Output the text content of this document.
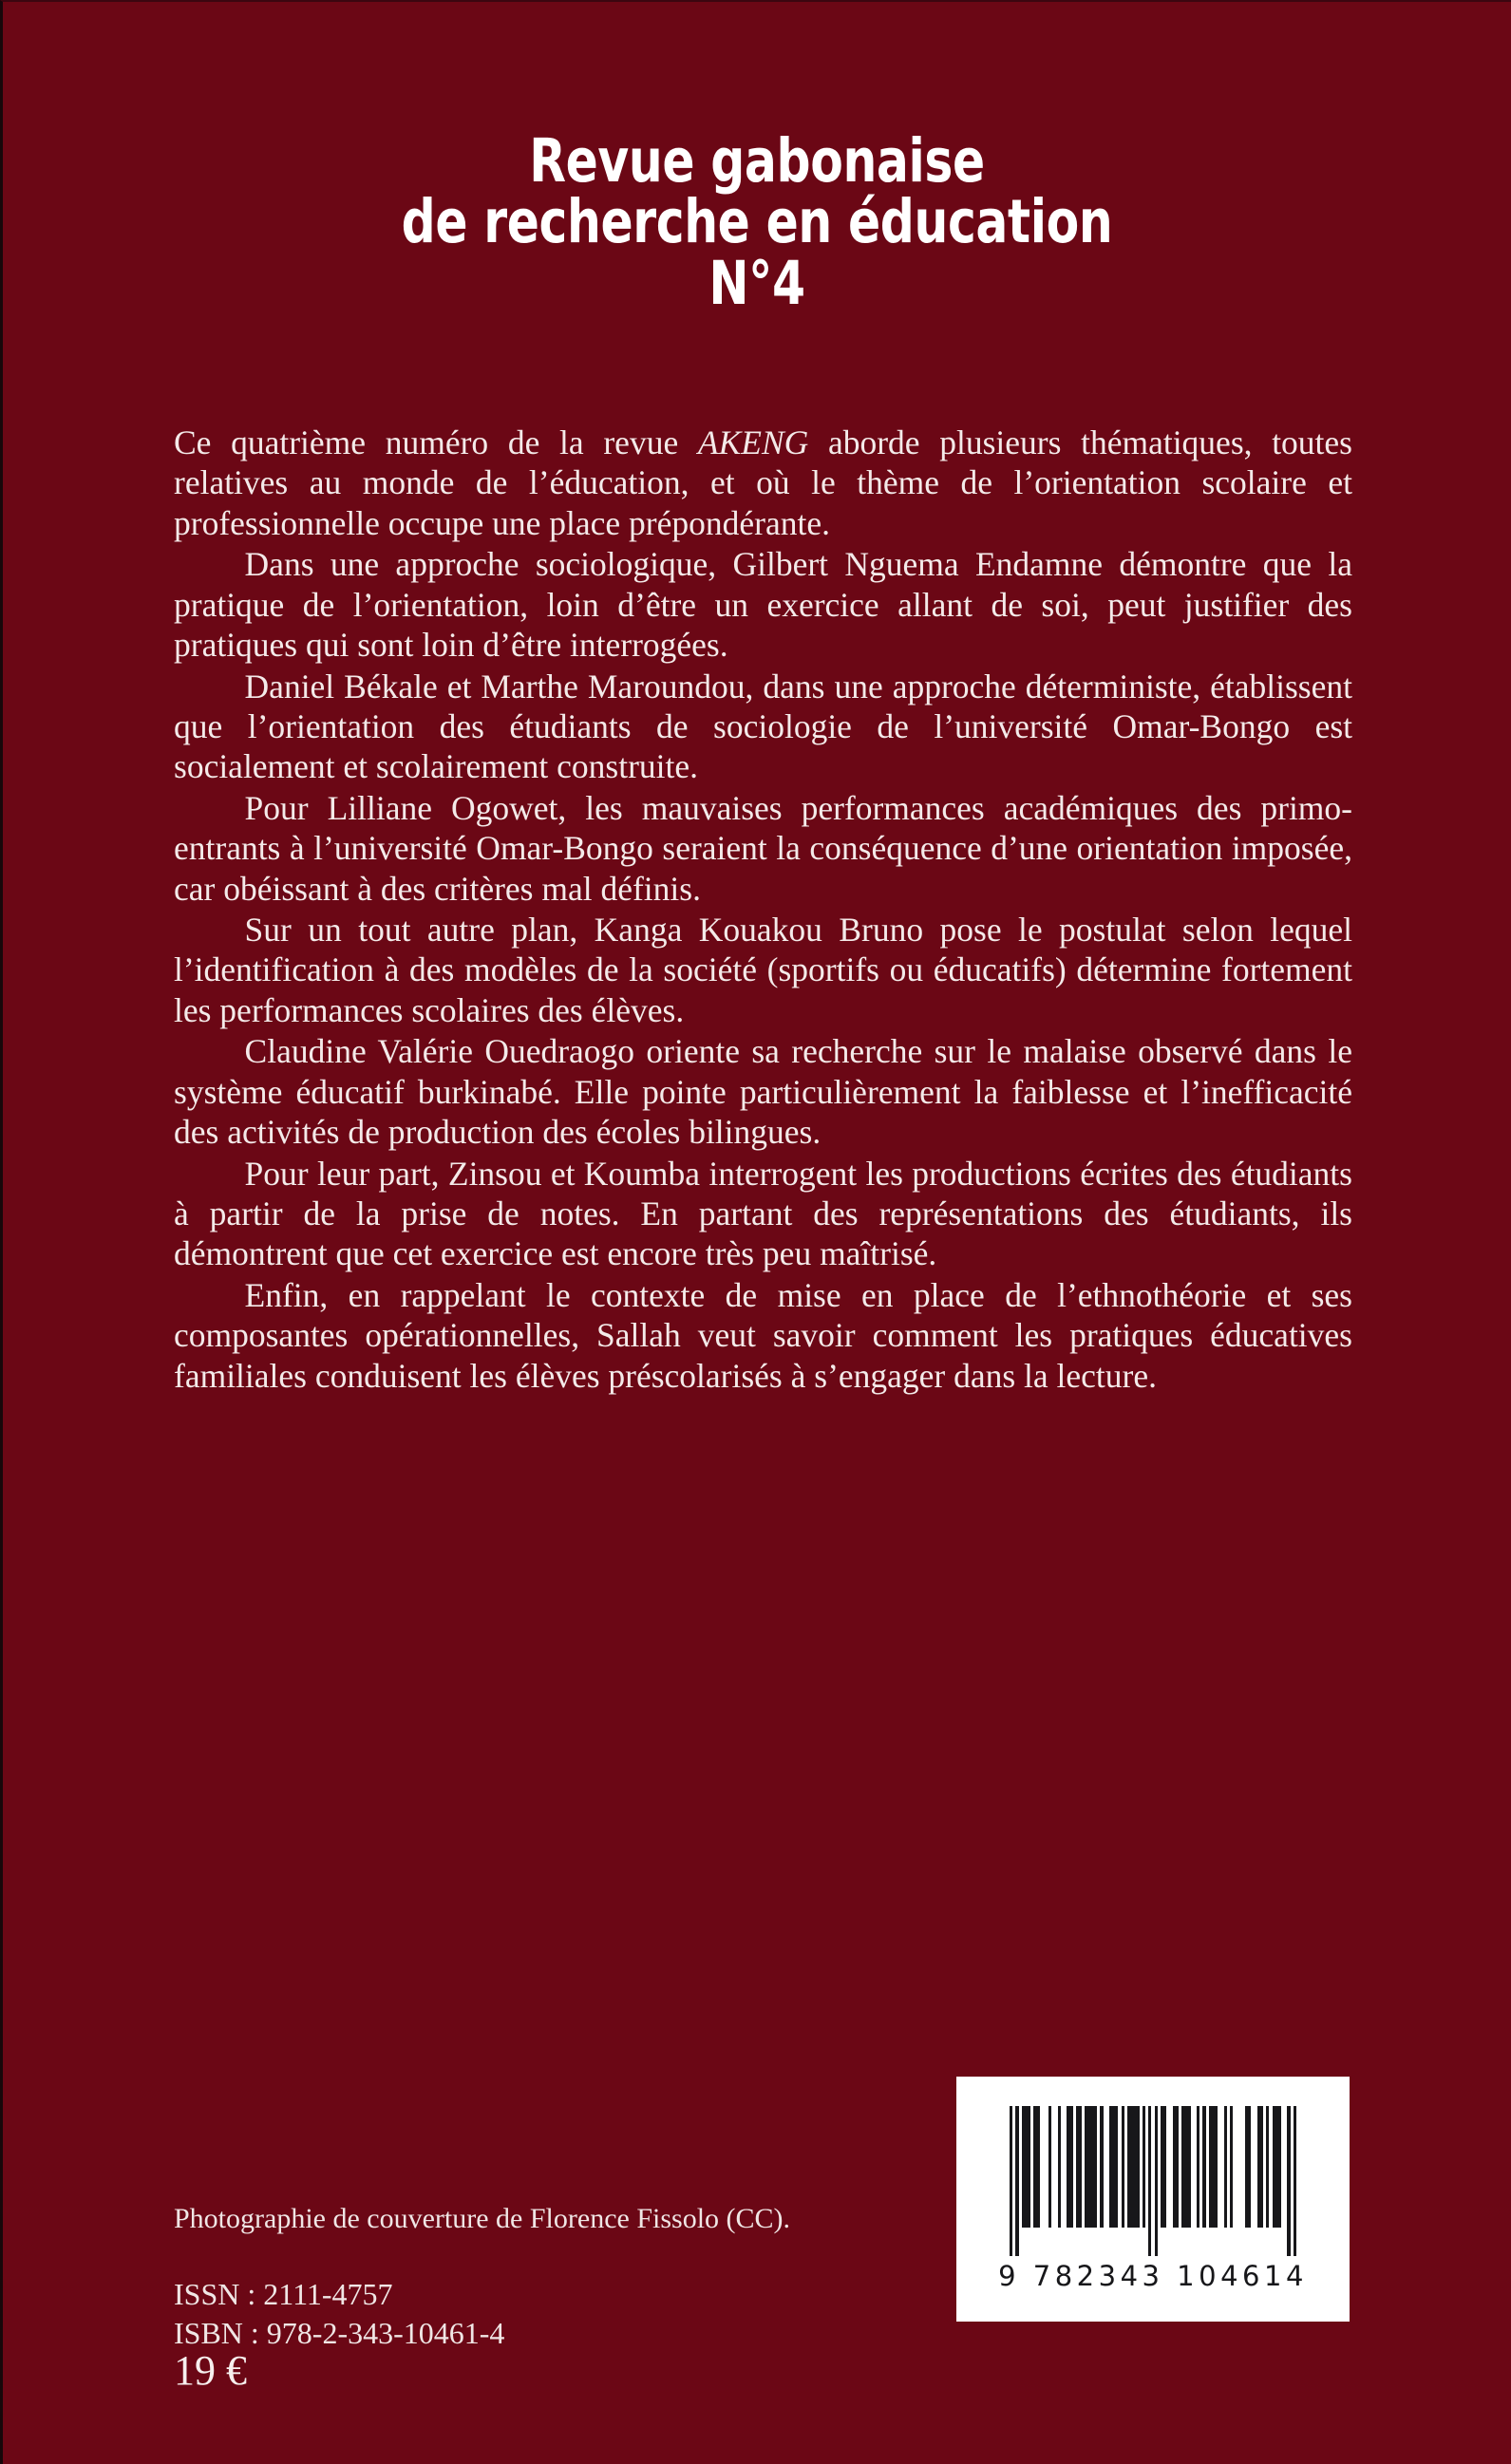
Revue gabonaise
de recherche en éducation
N°4

Ce quatrième numéro de la revue AKENG aborde plusieurs thématiques, toutes relatives au monde de l’éducation, et où le thème de l’orientation scolaire et professionnelle occupe une place prépondérante.

Dans une approche sociologique, Gilbert Nguema Endamne démontre que la pratique de l’orientation, loin d’être un exercice allant de soi, peut justifier des pratiques qui sont loin d’être interrogées.

Daniel Békale et Marthe Maroundou, dans une approche déterministe, établissent que l’orientation des étudiants de sociologie de l’université Omar-Bongo est socialement et scolairement construite.

Pour Lilliane Ogowet, les mauvaises performances académiques des primo-entrants à l’université Omar-Bongo seraient la conséquence d’une orientation imposée, car obéissant à des critères mal définis.

Sur un tout autre plan, Kanga Kouakou Bruno pose le postulat selon lequel l’identification à des modèles de la société (sportifs ou éducatifs) détermine fortement les performances scolaires des élèves.

Claudine Valérie Ouedraogo oriente sa recherche sur le malaise observé dans le système éducatif burkinabé. Elle pointe particulièrement la faiblesse et l’inefficacité des activités de production des écoles bilingues.

Pour leur part, Zinsou et Koumba interrogent les productions écrites des étudiants à partir de la prise de notes. En partant des représentations des étudiants, ils démontrent que cet exercice est encore très peu maîtrisé.

Enfin, en rappelant le contexte de mise en place de l’ethnothéorie et ses composantes opérationnelles, Sallah veut savoir comment les pratiques éducatives familiales conduisent les élèves préscolarisés à s’engager dans la lecture.

Photographie de couverture de Florence Fissolo (CC).
ISSN : 2111-4757
ISBN : 978-2-343-10461-4
19 €
9 782343 104614
